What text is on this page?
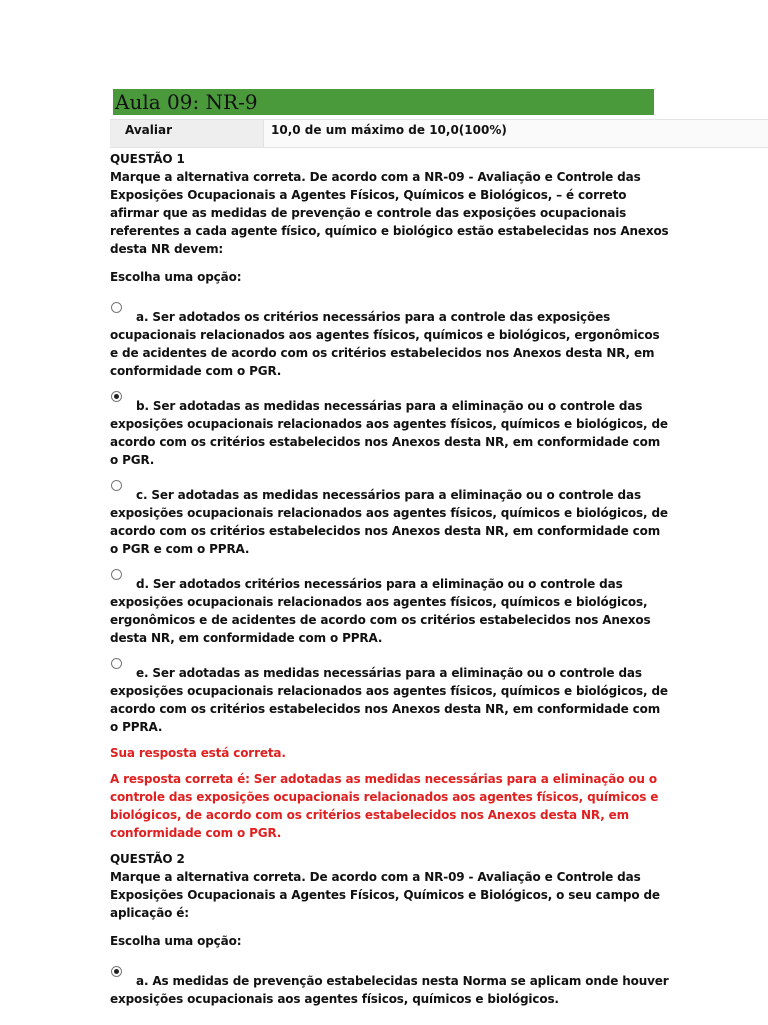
Aula 09: NR-9
Avaliar	10,0 de um máximo de 10,0(100%)

QUESTÃO 1

Marque a alternativa correta. De acordo com a NR-09 - Avaliação e Controle das Exposições Ocupacionais a Agentes Físicos, Químicos e Biológicos, – é correto afirmar que as medidas de prevenção e controle das exposições ocupacionais referentes a cada agente físico, químico e biológico estão estabelecidas nos Anexos desta NR devem:

Escolha uma opção:

a. Ser adotados os critérios necessários para a controle das exposições ocupacionais relacionados aos agentes físicos, químicos e biológicos, ergonômicos e de acidentes de acordo com os critérios estabelecidos nos Anexos desta NR, em conformidade com o PGR.

b. Ser adotadas as medidas necessárias para a eliminação ou o controle das exposições ocupacionais relacionados aos agentes físicos, químicos e biológicos, de acordo com os critérios estabelecidos nos Anexos desta NR, em conformidade com o PGR.

c. Ser adotadas as medidas necessários para a eliminação ou o controle das exposições ocupacionais relacionados aos agentes físicos, químicos e biológicos, de acordo com os critérios estabelecidos nos Anexos desta NR, em conformidade com o PGR e com o PPRA.

d. Ser adotados critérios necessários para a eliminação ou o controle das exposições ocupacionais relacionados aos agentes físicos, químicos e biológicos, ergonômicos e de acidentes de acordo com os critérios estabelecidos nos Anexos desta NR, em conformidade com o PPRA.

e. Ser adotadas as medidas necessárias para a eliminação ou o controle das exposições ocupacionais relacionados aos agentes físicos, químicos e biológicos, de acordo com os critérios estabelecidos nos Anexos desta NR, em conformidade com o PPRA.

Sua resposta está correta.

A resposta correta é: Ser adotadas as medidas necessárias para a eliminação ou o controle das exposições ocupacionais relacionados aos agentes físicos, químicos e biológicos, de acordo com os critérios estabelecidos nos Anexos desta NR, em conformidade com o PGR.

QUESTÃO 2

Marque a alternativa correta. De acordo com a NR-09 - Avaliação e Controle das Exposições Ocupacionais a Agentes Físicos, Químicos e Biológicos, o seu campo de aplicação é:

Escolha uma opção:

a. As medidas de prevenção estabelecidas nesta Norma se aplicam onde houver exposições ocupacionais aos agentes físicos, químicos e biológicos.
